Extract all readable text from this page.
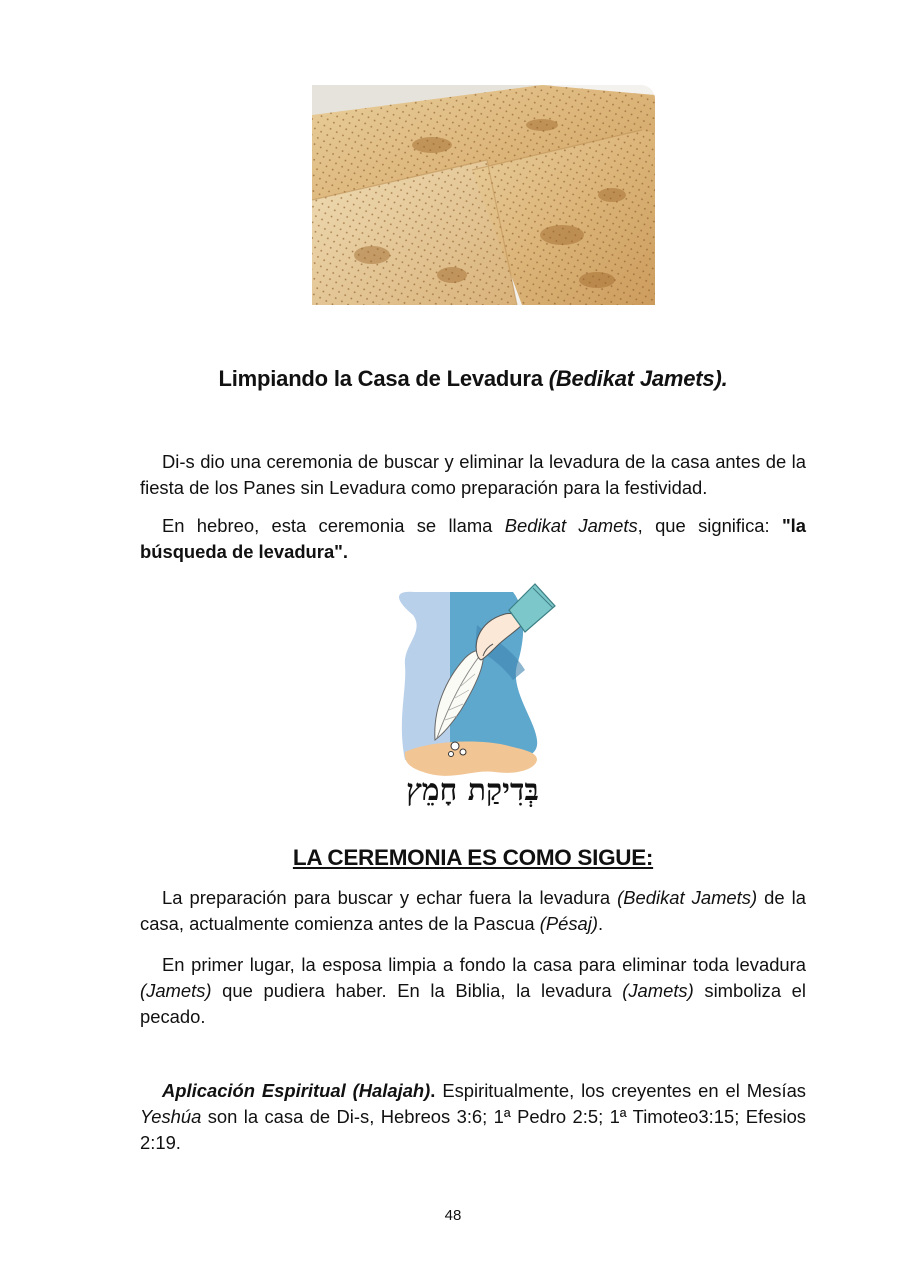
Limpiando la Casa de Levadura (Bedikat Jamets).
Di-s dio una ceremonia de buscar y eliminar la levadura de la casa antes de la fiesta de los Panes sin Levadura como preparación para la festividad.
En hebreo, esta ceremonia se llama Bedikat Jamets, que significa: "la búsqueda de levadura".
בְּדִיקַת חָמֵץ
LA CEREMONIA ES COMO SIGUE:
La preparación para buscar y echar fuera la levadura (Bedikat Jamets) de la casa, actualmente comienza antes de la Pascua (Pésaj).
En primer lugar, la esposa limpia a fondo la casa para eliminar toda levadura (Jamets) que pudiera haber. En la Biblia, la levadura (Jamets) simboliza el pecado.
Aplicación Espiritual (Halajah). Espiritualmente, los creyentes en el Mesías Yeshúa son la casa de Di-s, Hebreos 3:6; 1ª Pedro 2:5; 1ª Timoteo3:15; Efesios 2:19.
48
